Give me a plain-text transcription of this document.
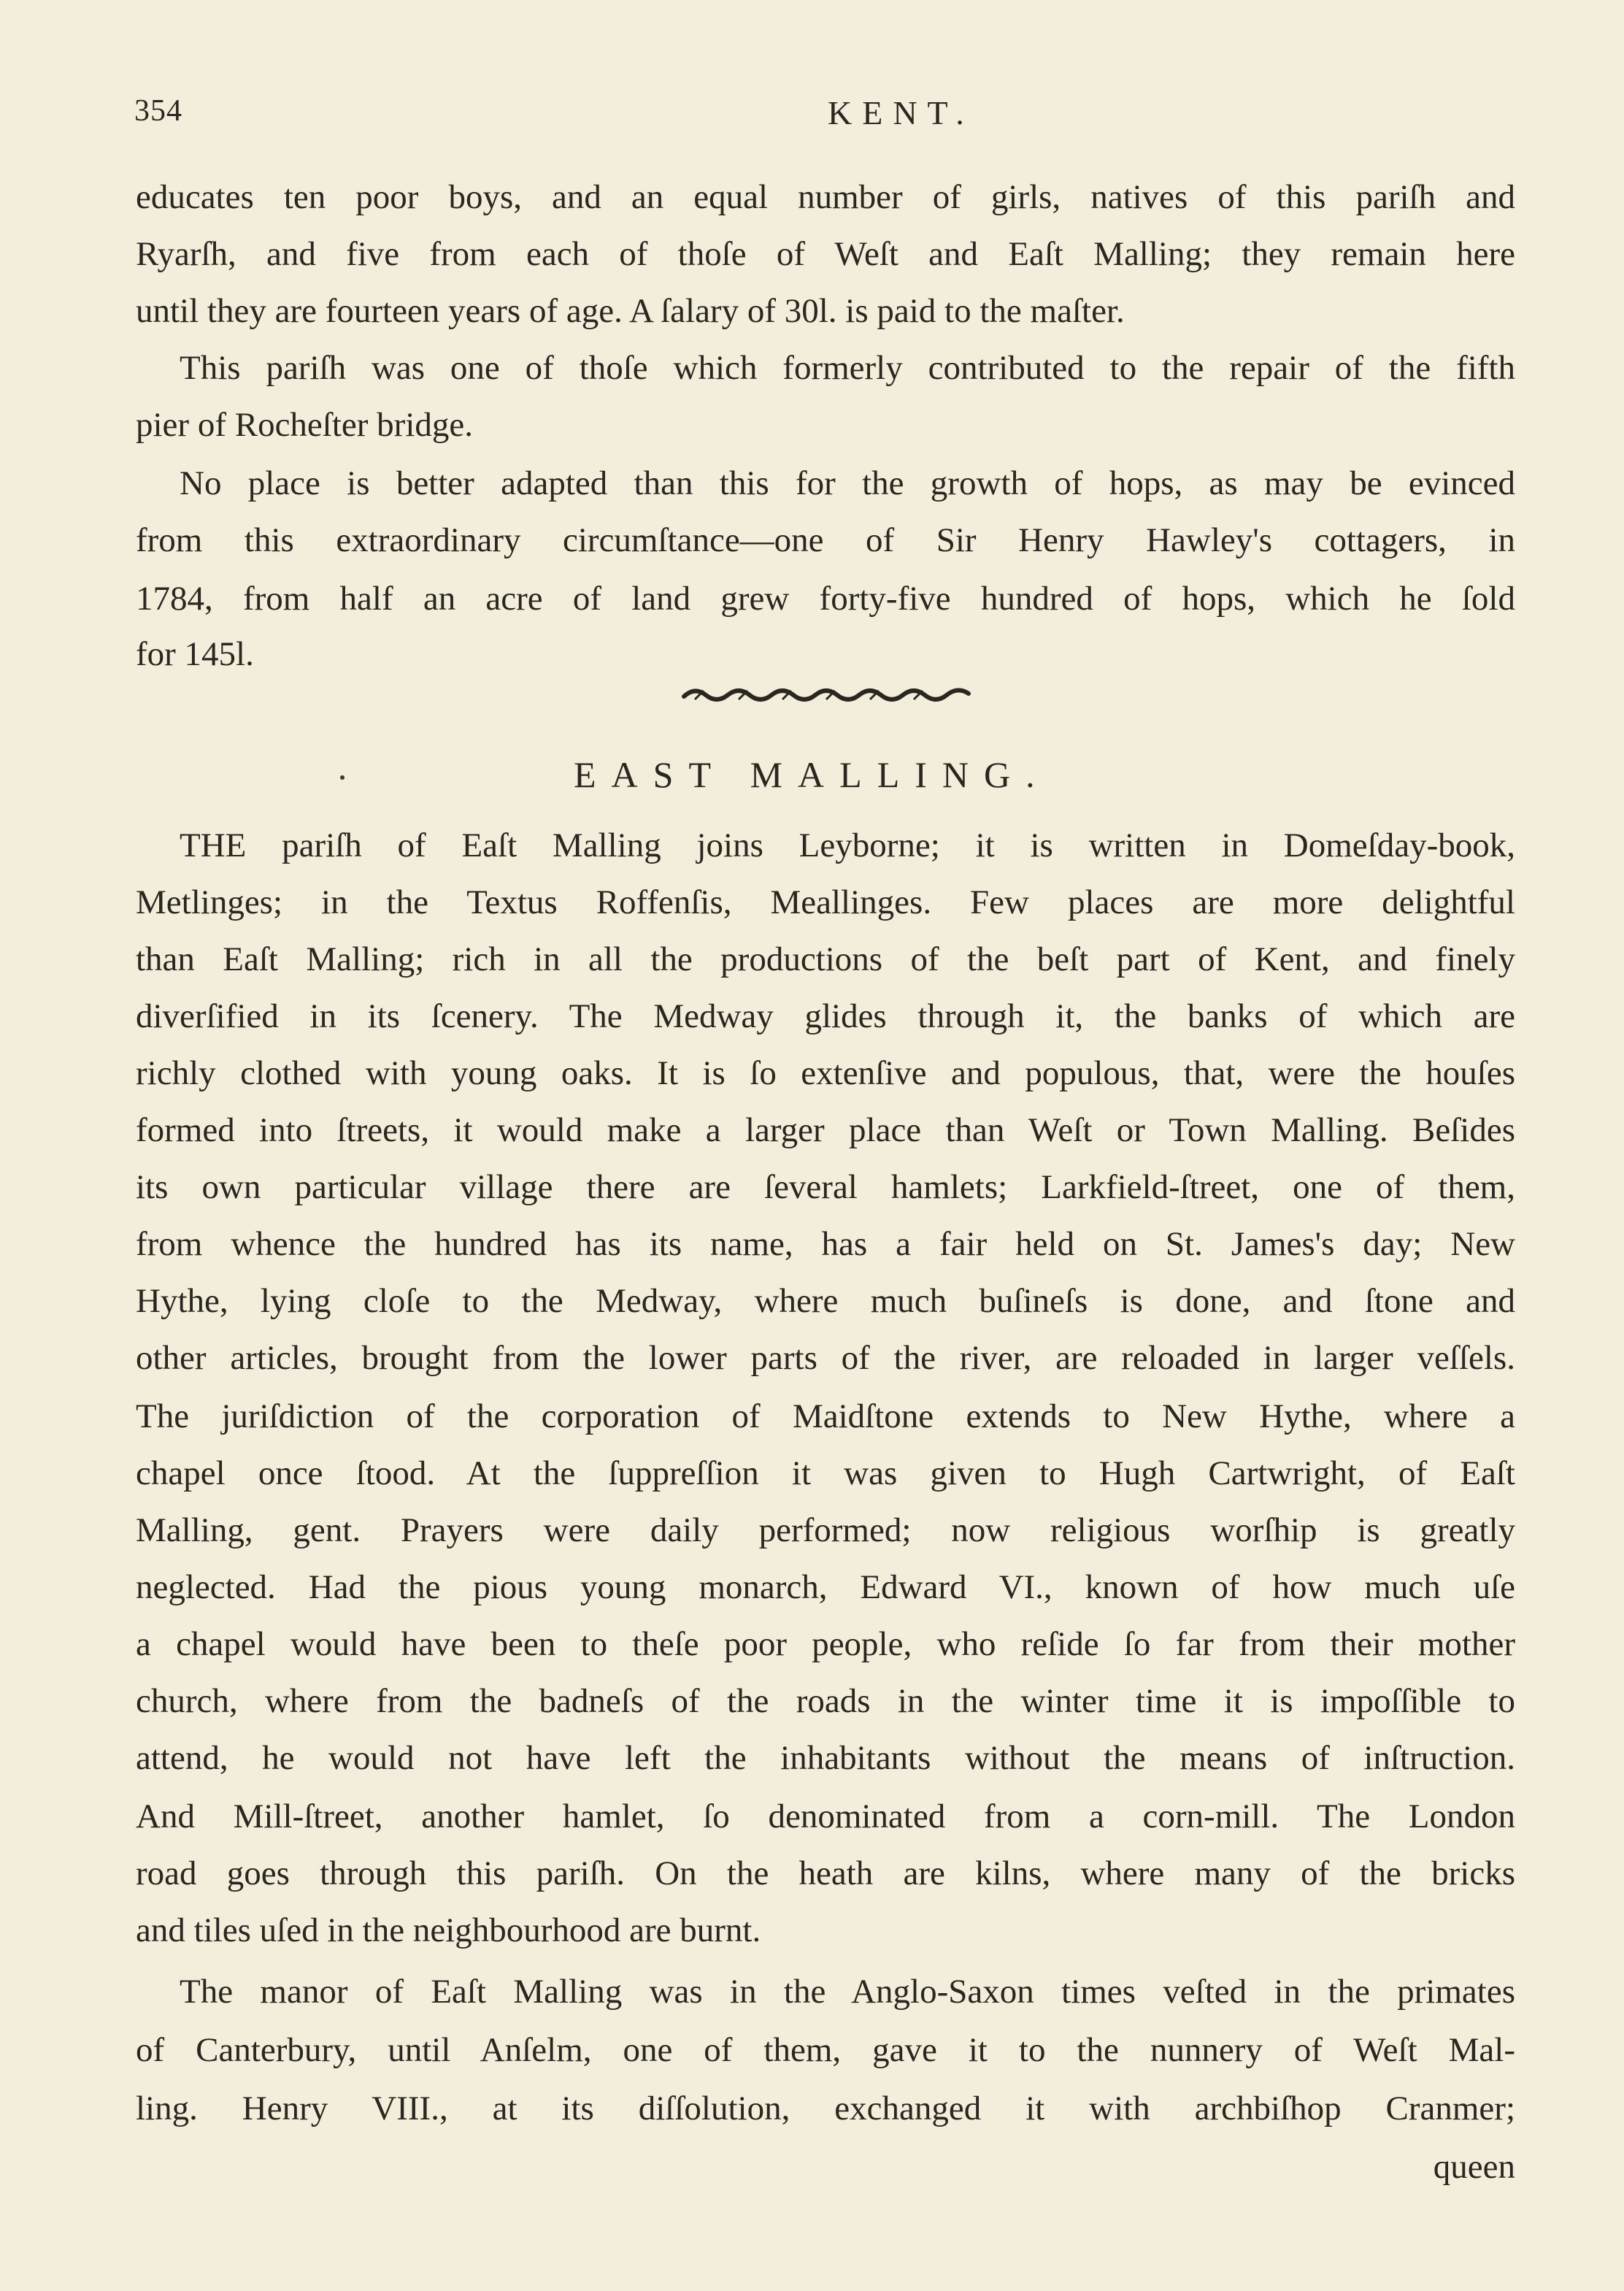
354	KENT.
educates ten poor boys, and an equal number of girls, natives of this pariſh and
Ryarſh, and five from each of thoſe of Weſt and Eaſt Malling; they remain here
until they are fourteen years of age. A ſalary of 30l. is paid to the maſter.
This pariſh was one of thoſe which formerly contributed to the repair of the fifth
pier of Rocheſter bridge.
No place is better adapted than this for the growth of hops, as may be evinced
from this extraordinary circumſtance—one of Sir Henry Hawley's cottagers, in
1784, from half an acre of land grew forty-five hundred of hops, which he ſold
for 145l.
EAST MALLING.
THE pariſh of Eaſt Malling joins Leyborne; it is written in Domeſday-book,
Metlinges; in the Textus Roffenſis, Meallinges. Few places are more delightful
than Eaſt Malling; rich in all the productions of the beſt part of Kent, and finely
diverſified in its ſcenery. The Medway glides through it, the banks of which are
richly clothed with young oaks. It is ſo extenſive and populous, that, were the houſes
formed into ſtreets, it would make a larger place than Weſt or Town Malling. Beſides
its own particular village there are ſeveral hamlets; Larkfield-ſtreet, one of them,
from whence the hundred has its name, has a fair held on St. James's day; New
Hythe, lying cloſe to the Medway, where much buſineſs is done, and ſtone and
other articles, brought from the lower parts of the river, are reloaded in larger veſſels.
The juriſdiction of the corporation of Maidſtone extends to New Hythe, where a
chapel once ſtood. At the ſuppreſſion it was given to Hugh Cartwright, of Eaſt
Malling, gent. Prayers were daily performed; now religious worſhip is greatly
neglected. Had the pious young monarch, Edward VI., known of how much uſe
a chapel would have been to theſe poor people, who reſide ſo far from their mother
church, where from the badneſs of the roads in the winter time it is impoſſible to
attend, he would not have left the inhabitants without the means of inſtruction.
And Mill-ſtreet, another hamlet, ſo denominated from a corn-mill. The London
road goes through this pariſh. On the heath are kilns, where many of the bricks
and tiles uſed in the neighbourhood are burnt.
The manor of Eaſt Malling was in the Anglo-Saxon times veſted in the primates
of Canterbury, until Anſelm, one of them, gave it to the nunnery of Weſt Mal-
ling. Henry VIII., at its diſſolution, exchanged it with archbiſhop Cranmer;
queen
